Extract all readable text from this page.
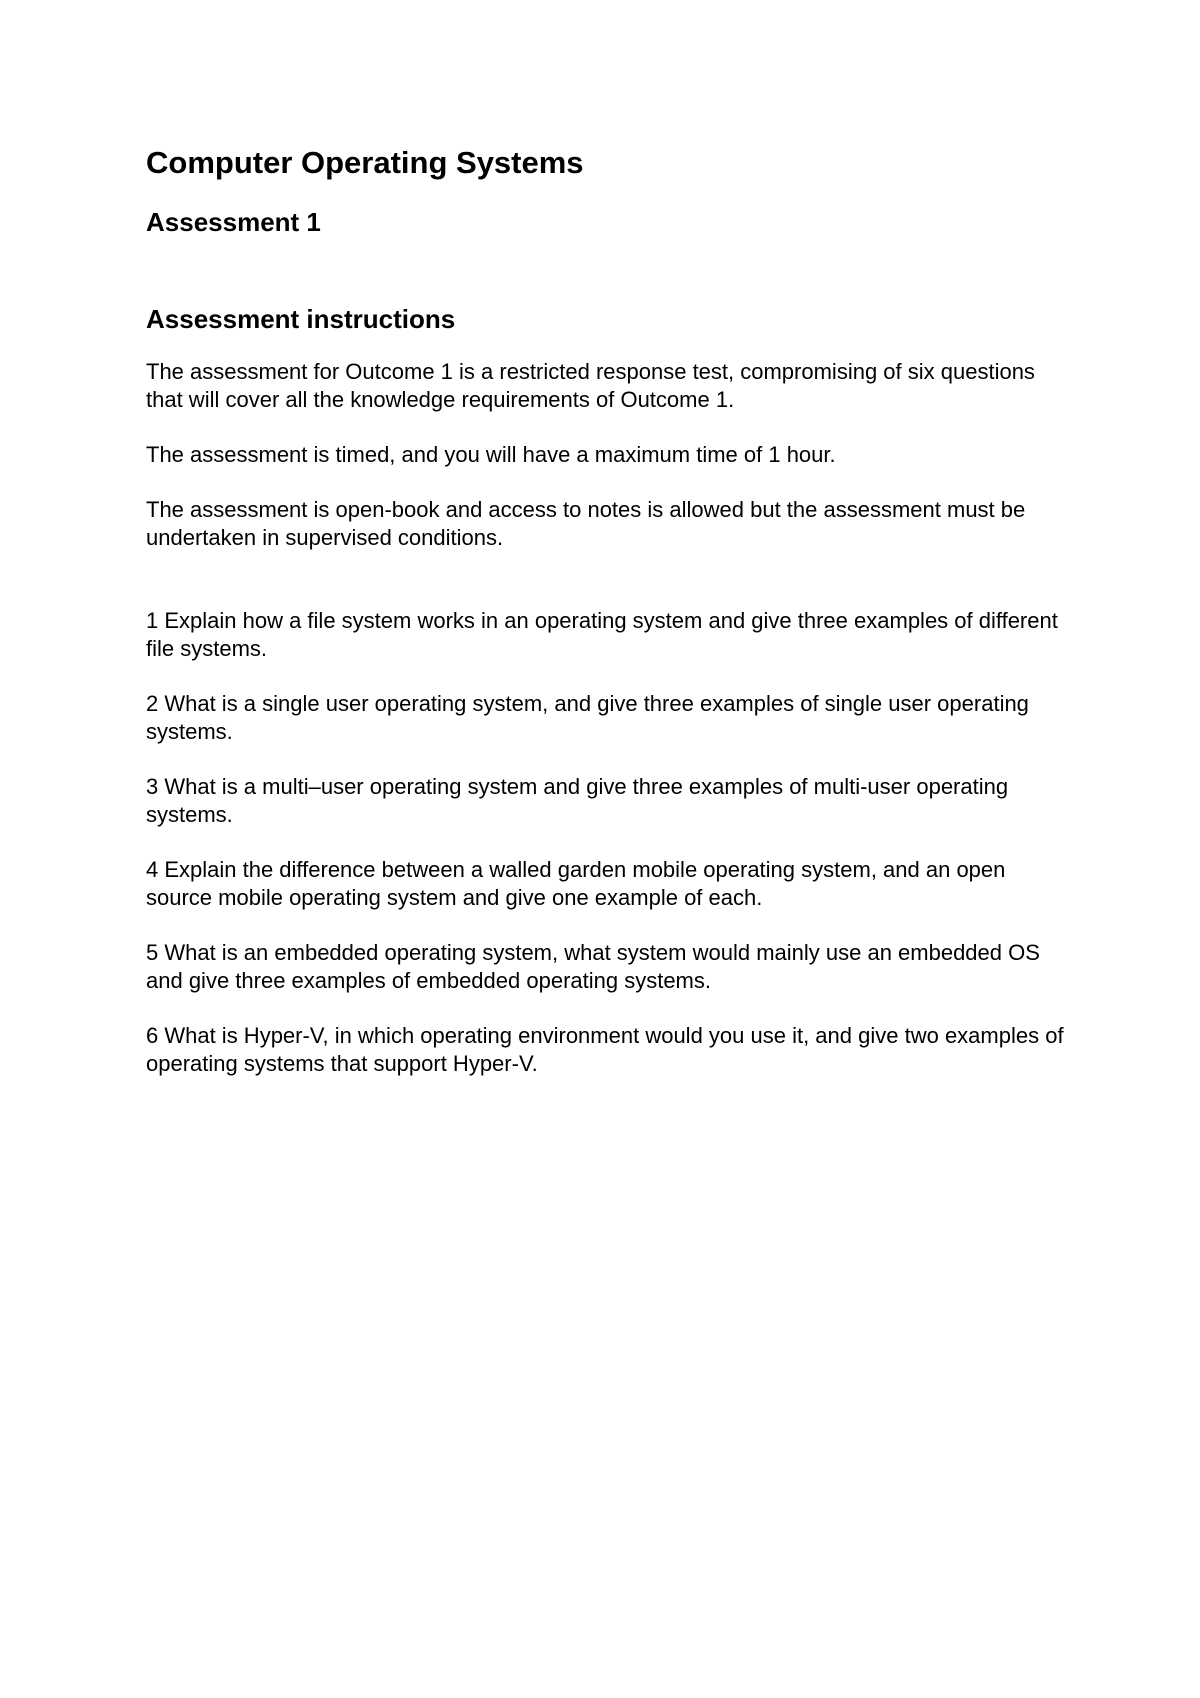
Computer Operating Systems
Assessment 1
Assessment instructions

The assessment for Outcome 1 is a restricted response test, compromising of six questions that will cover all the knowledge requirements of Outcome 1.

The assessment is timed, and you will have a maximum time of 1 hour.

The assessment is open-book and access to notes is allowed but the assessment must be undertaken in supervised conditions.

1 Explain how a file system works in an operating system and give three examples of different file systems.

2 What is a single user operating system, and give three examples of single user operating systems.

3 What is a multi–user operating system and give three examples of multi-user operating systems.

4 Explain the difference between a walled garden mobile operating system, and an open source mobile operating system and give one example of each.

5 What is an embedded operating system, what system would mainly use an embedded OS and give three examples of embedded operating systems.

6 What is Hyper-V, in which operating environment would you use it, and give two examples of operating systems that support Hyper-V.
